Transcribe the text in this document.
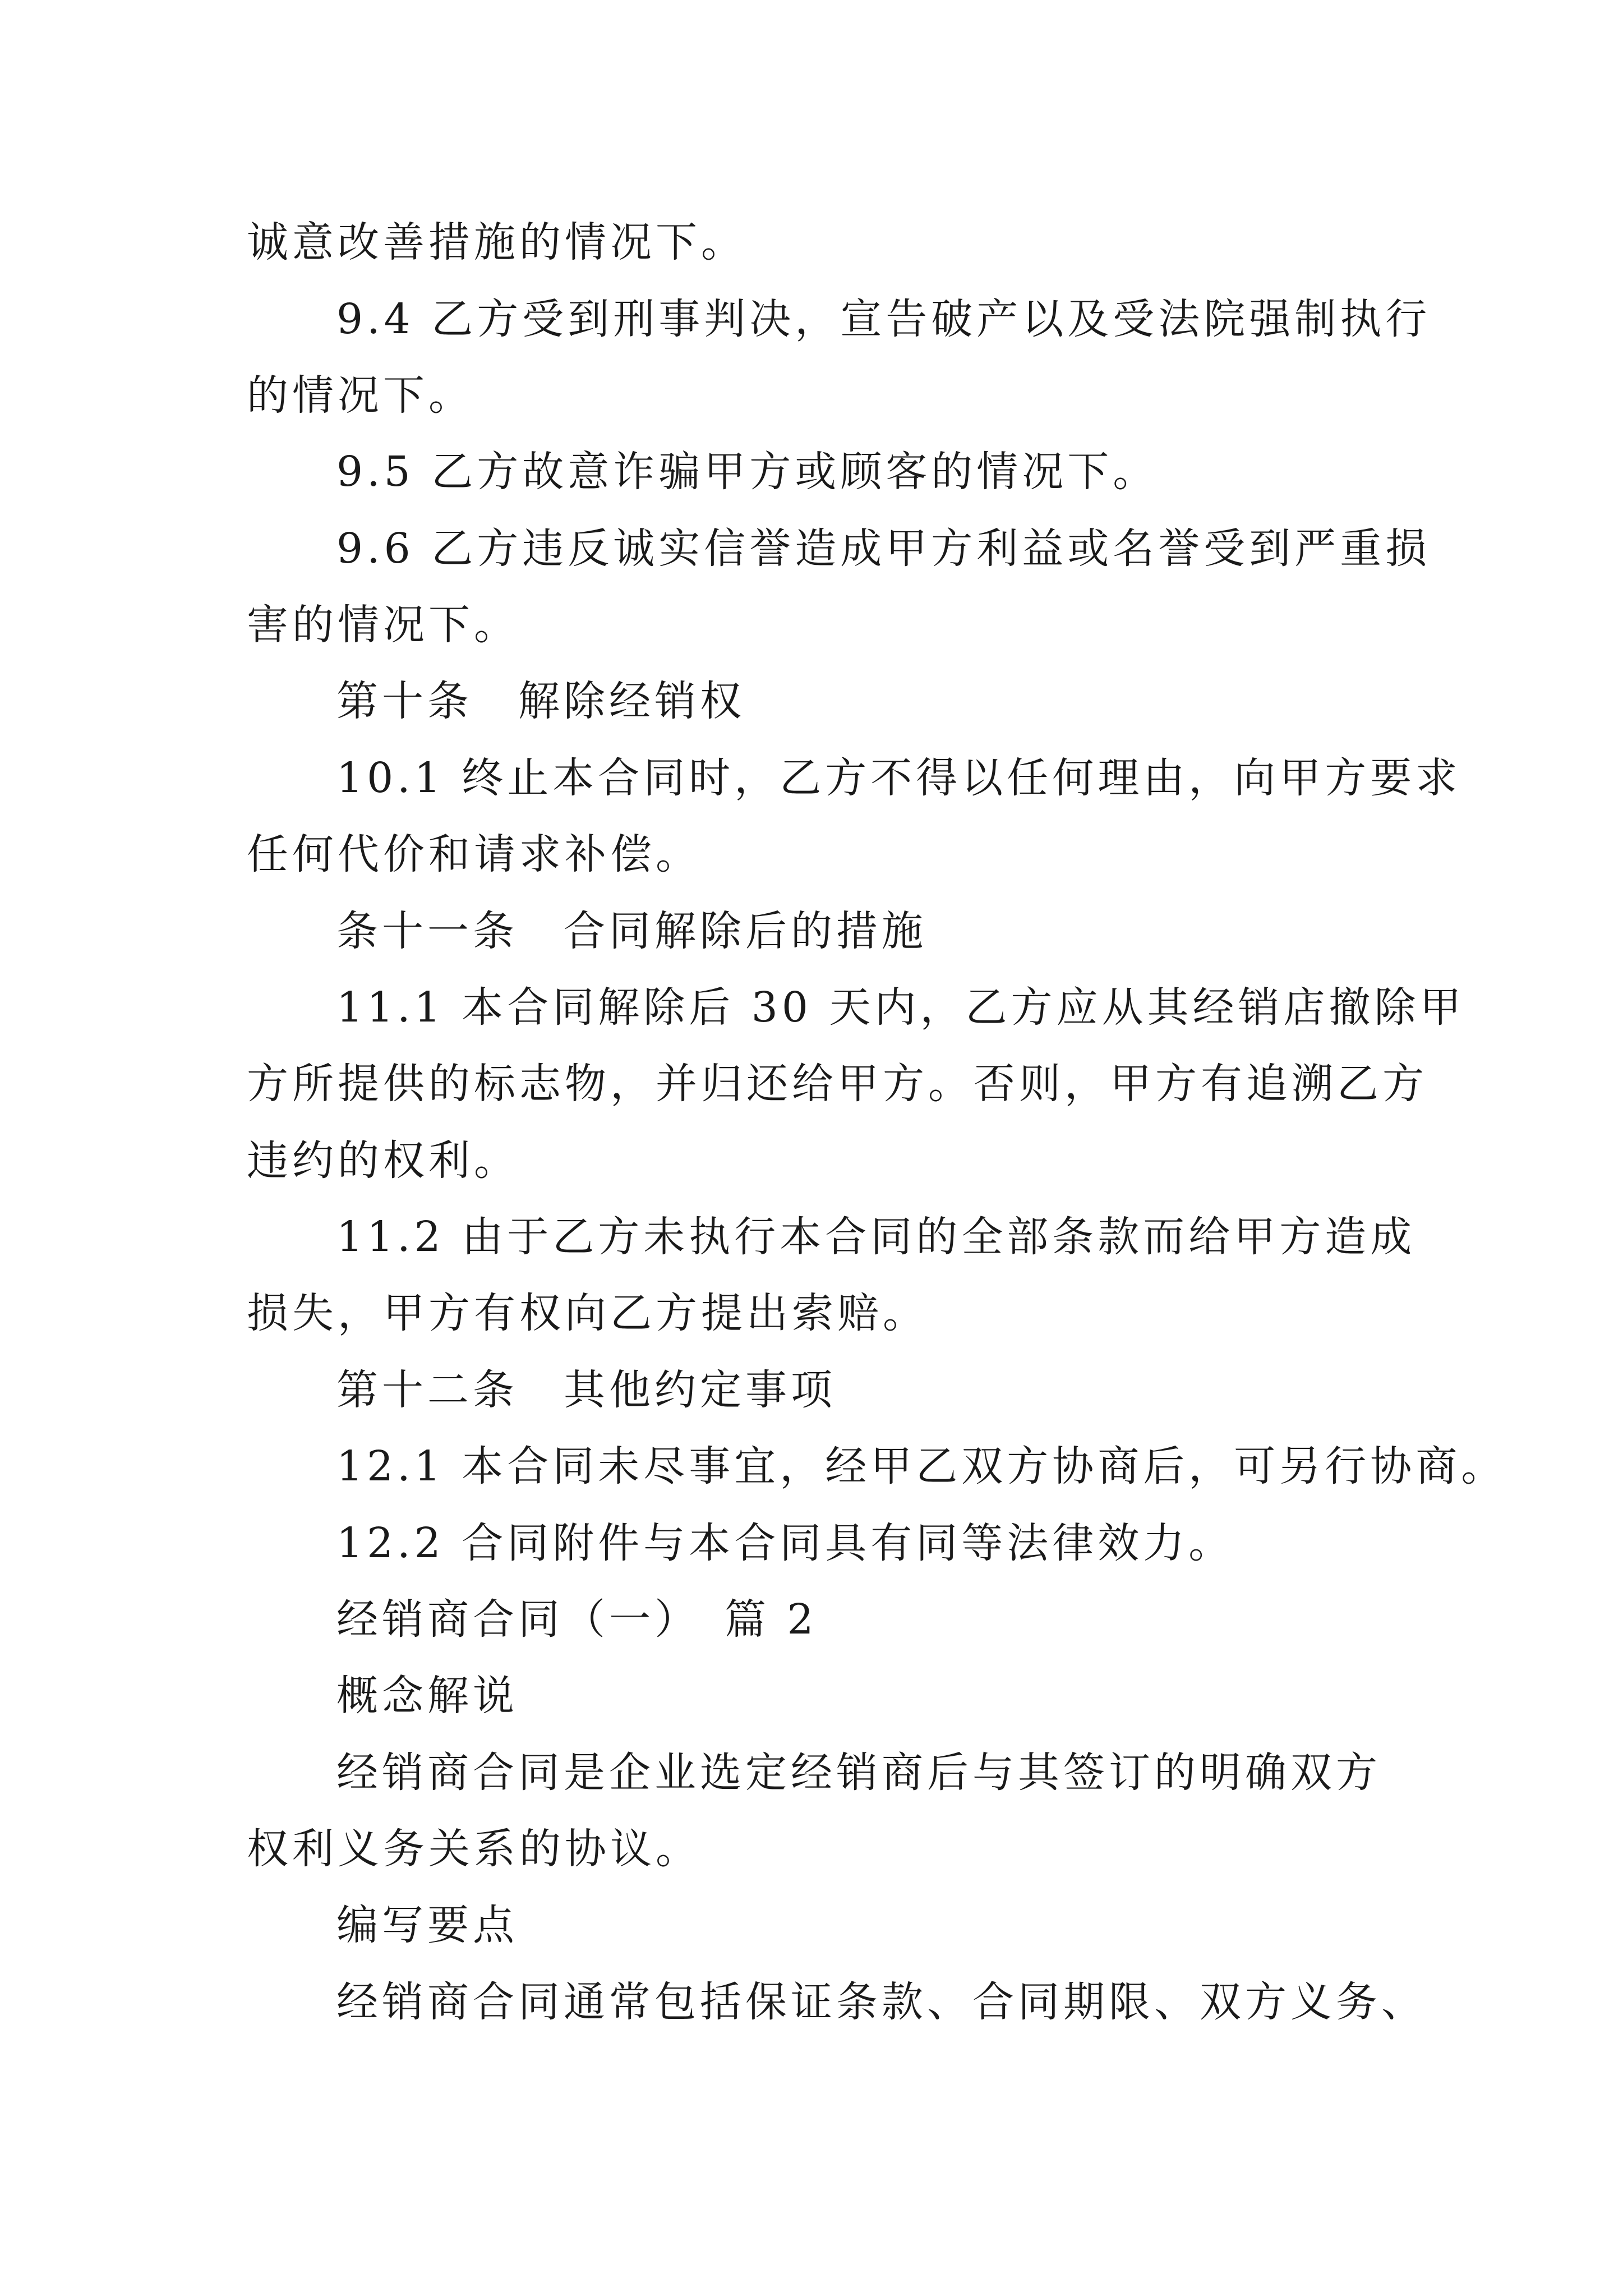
诚意改善措施的情况下。
9.4 乙方受到刑事判决，宣告破产以及受法院强制执行
的情况下。
9.5 乙方故意诈骗甲方或顾客的情况下。
9.6 乙方违反诚实信誉造成甲方利益或名誉受到严重损
害的情况下。
第十条　解除经销权
10.1 终止本合同时，乙方不得以任何理由，向甲方要求
任何代价和请求补偿。
条十一条　合同解除后的措施
11.1 本合同解除后 30 天内，乙方应从其经销店撤除甲
方所提供的标志物，并归还给甲方。否则，甲方有追溯乙方
违约的权利。
11.2 由于乙方未执行本合同的全部条款而给甲方造成
损失，甲方有权向乙方提出索赔。
第十二条　其他约定事项
12.1 本合同未尽事宜，经甲乙双方协商后，可另行协商。
12.2 合同附件与本合同具有同等法律效力。
经销商合同（一）　篇 2
概念解说
经销商合同是企业选定经销商后与其签订的明确双方
权利义务关系的协议。
编写要点
经销商合同通常包括保证条款、合同期限、双方义务、
